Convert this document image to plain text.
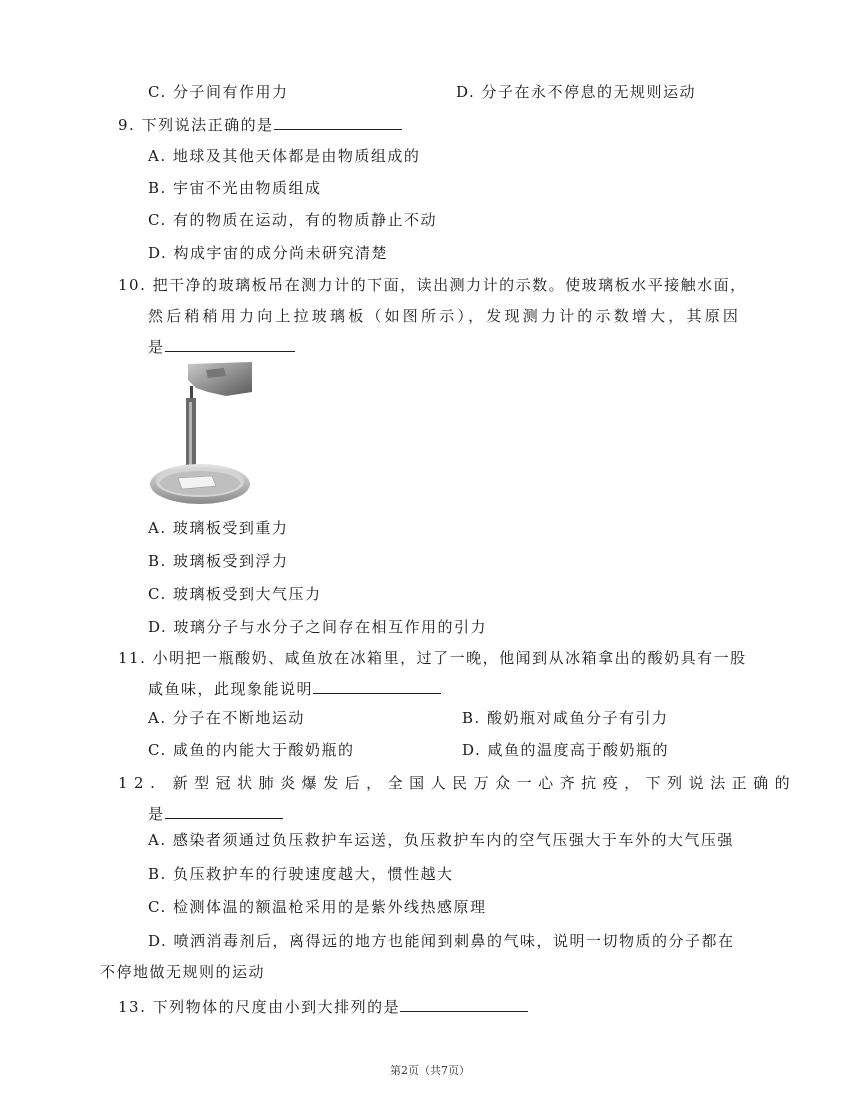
C. 分子间有作用力	D. 分子在永不停息的无规则运动
9. 下列说法正确的是
A. 地球及其他天体都是由物质组成的
B. 宇宙不光由物质组成
C. 有的物质在运动，有的物质静止不动
D. 构成宇宙的成分尚未研究清楚
10. 把干净的玻璃板吊在测力计的下面，读出测力计的示数。使玻璃板水平接触水面，
然后稍稍用力向上拉玻璃板（如图所示），发现测力计的示数增大，其原因
是
A. 玻璃板受到重力
B. 玻璃板受到浮力
C. 玻璃板受到大气压力
D. 玻璃分子与水分子之间存在相互作用的引力
11. 小明把一瓶酸奶、咸鱼放在冰箱里，过了一晚，他闻到从冰箱拿出的酸奶具有一股
咸鱼味，此现象能说明
A. 分子在不断地运动	B. 酸奶瓶对咸鱼分子有引力
C. 咸鱼的内能大于酸奶瓶的	D. 咸鱼的温度高于酸奶瓶的
12. 新型冠状肺炎爆发后，全国人民万众一心齐抗疫，下列说法正确的
是
A. 感染者须通过负压救护车运送，负压救护车内的空气压强大于车外的大气压强
B. 负压救护车的行驶速度越大，惯性越大
C. 检测体温的额温枪采用的是紫外线热感原理
D. 喷洒消毒剂后，离得远的地方也能闻到刺鼻的气味，说明一切物质的分子都在
不停地做无规则的运动
13. 下列物体的尺度由小到大排列的是
第2页（共7页）
